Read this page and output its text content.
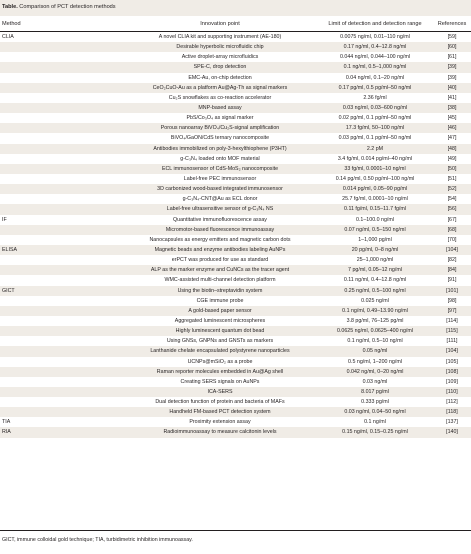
Table. Comparison of PCT detection methods
Method	Innovation point	Limit of detection and detection range	References
CLIA	A novel CLIA kit and supporting instrument (AE-180)	0.0075 ng/ml, 0.01–110 ng/ml	[59]
Desirable hyperbolic microfluidic chip	0.17 ng/ml, 0.4–12.8 ng/ml	[60]
Active droplet-array microfluidics	0.044 ng/ml, 0.044–100 ng/ml	[61]
SPE-C, drop detection	0.1 ng/ml, 0.5–1,000 ng/ml	[39]
EMC-Au, on-chip detection	0.04 ng/ml, 0.1–20 ng/ml	[39]
CeO₂CuO-Au as a platform Au@Ag-Th as signal markers	0.17 pg/ml, 0.5 pg/ml–50 ng/ml	[40]
Cu₂S snowflakes as co-reaction accelerator	2.36 fg/ml	[41]
MNP-based assay	0.03 ng/ml, 0.03–600 ng/ml	[38]
PbS/Co₃O₄ as signal marker	0.02 pg/ml, 0.1 pg/ml–50 ng/ml	[45]
Porous nanoarray BiVO₄/Cu₂S-signal amplification	17.3 fg/ml, 50–100 ng/ml	[46]
BiVO₄/GaON/CdS ternary nanocomposite	0.03 pg/ml, 0.1 pg/ml–50 ng/ml	[47]
Antibodies immobilized on poly-3-hexylthiophene (P3HT)	2.2 pM	[48]
g-C₃N₄ loaded onto MOF material	3.4 fg/ml, 0.014 pg/ml–40 ng/ml	[49]
ECL immunosensor of CdS-MoS₂ nanocomposite	33 fg/ml, 0.0001–10 ng/ml	[50]
Label-free PEC immunosensor	0.14 pg/ml, 0.50 pg/ml–100 ng/ml	[51]
3D carbonized wood-based integrated immunosensor	0.014 pg/ml, 0.05–90 pg/ml	[52]
g-C₃N₄-CNT@Au as ECL donor	25.7 fg/ml, 0.0001–10 ng/ml	[54]
Label-free ultrasensitive sensor of g-C₃N₄ NS	0.11 fg/ml, 0.15–11.7 fg/ml	[56]
IF	Quantitative immunofluorescence assay	0.1–100.0 ng/ml	[67]
Micromotor-based fluorescence immunoassay	0.07 ng/ml, 0.5–150 ng/ml	[68]
Nanocapsules as energy emitters and magnetic carbon dots	1–1,000 pg/ml	[70]
ELISA	Magnetic beads and enzyme antibodies labeling AuNPs	20 pg/ml, 0–8 ng/ml	[104]
erPCT was produced for use as standard	25–1,000 ng/ml	[82]
ALP as the marker enzyme and CuNCs as the tracer agent	7 pg/ml, 0.05–12 ng/ml	[84]
WMC-assisted multi-channel detection platform	0.11 ng/ml, 0.4–12.8 ng/ml	[91]
GICT	Using the biotin–streptavidin system	0.25 ng/ml, 0.5–100 ng/ml	[101]
CGE immune probe	0.025 ng/ml	[98]
A gold-based paper sensor	0.1 ng/ml, 0.49–13.90 ng/ml	[97]
Aggregated luminescent microspheres	3.8 pg/ml, 76–125 pg/ml	[114]
Highly luminescent quantum dot bead	0.0625 ng/ml, 0.0625–400 ng/ml	[115]
Using GNSs, GNPNs and GNSTs as markers	0.1 ng/ml, 0.5–10 ng/ml	[111]
Lanthanide chelate encapsulated polystyrene nanoparticles	0.05 ng/ml	[104]
UCNPs@mSiO₂ as a probe	0.5 ng/ml, 1–200 ng/ml	[105]
Raman reporter molecules embedded in Au@Ag shell	0.042 ng/ml, 0–20 ng/ml	[108]
Creating SERS signals on AuNPs	0.03 ng/ml	[109]
ICA-SERS	8.017 pg/ml	[110]
Dual detection function of protein and bacteria of MAFs	0.333 pg/ml	[112]
Handheld FM-based PCT detection system	0.03 ng/ml, 0.04–50 ng/ml	[118]
TIA	Proximity extension assay	0.1 ng/ml	[137]
RIA	Radioimmunoassay to measure calcitonin levels	0.15 ng/ml, 0.15–0.25 ng/ml	[140]
GICT, immune colloidal gold technique; TIA, turbidimetric inhibition immunoassay.
